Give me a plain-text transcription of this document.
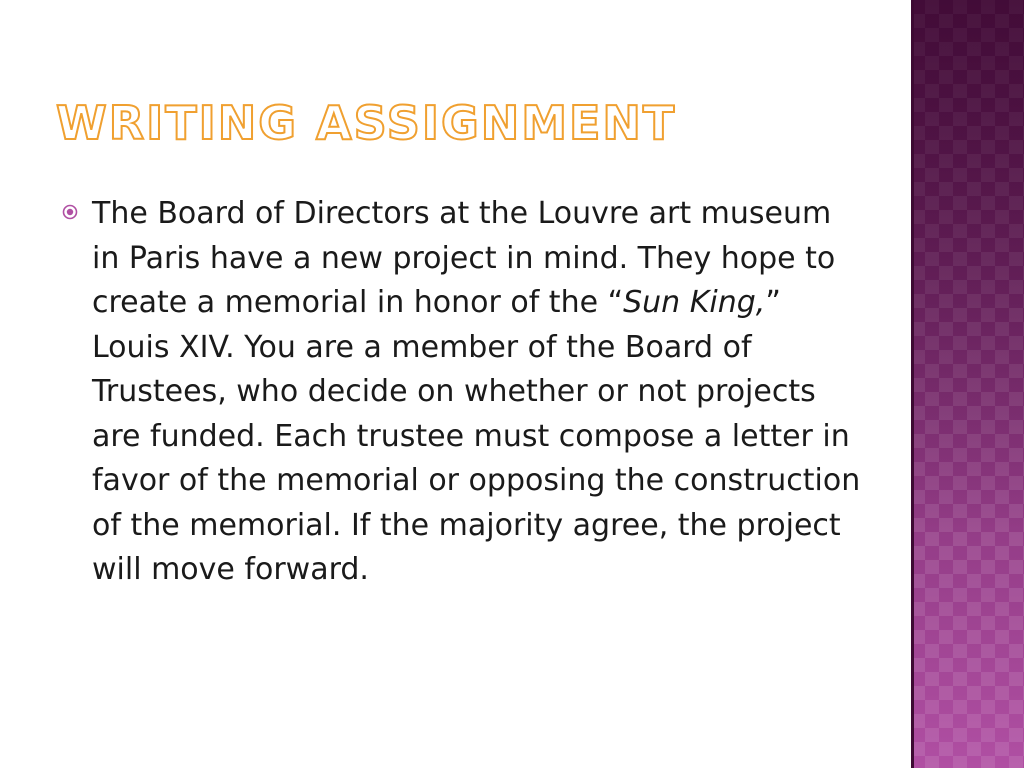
WRITING ASSIGNMENT

The Board of Directors at the Louvre art museum in Paris have a new project in mind. They hope to create a memorial in honor of the “Sun King,” Louis XIV. You are a member of the Board of Trustees, who decide on whether or not projects are funded. Each trustee must compose a letter in favor of the memorial or opposing the construction of the memorial. If the majority agree, the project will move forward.
